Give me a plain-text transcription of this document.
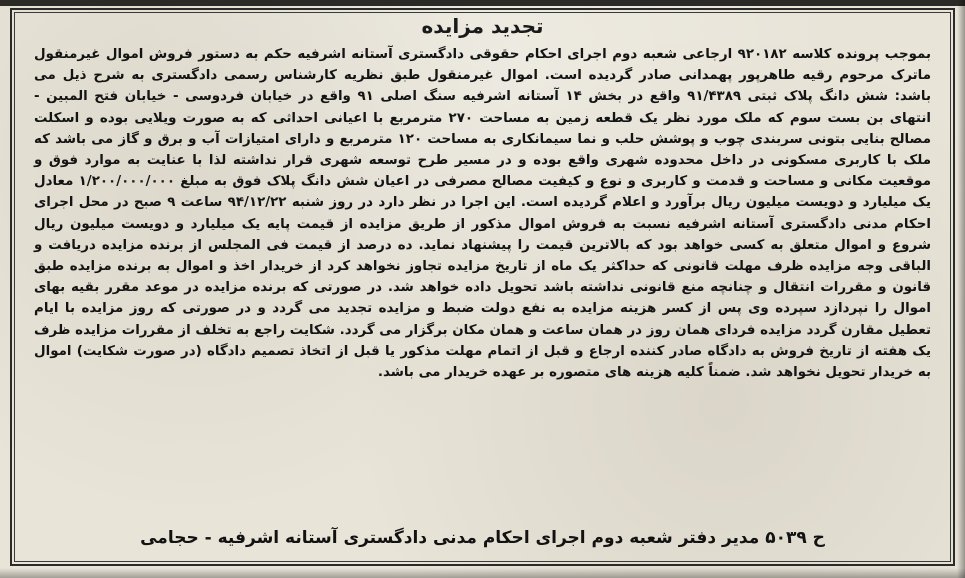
تجدید مزایده
بموجب پرونده کلاسه ۹۲۰۱۸۲ ارجاعی شعبه دوم اجرای احکام حقوقی دادگستری آستانه اشرفیه حکم به دستور فروش اموال غیرمنقول ماترک مرحوم رقیه طاهرپور پهمدانی صادر گردیده است. اموال غیرمنقول طبق نظریه کارشناس رسمی دادگستری به شرح ذیل می باشد: شش دانگ پلاک ثبتی ۹۱/۴۳۸۹ واقع در بخش ۱۴ آستانه اشرفیه سنگ اصلی ۹۱ واقع در خیابان فردوسی - خیابان فتح المبین - انتهای بن بست سوم که ملک مورد نظر یک قطعه زمین به مساحت ۲۷۰ مترمربع با اعیانی احداثی که به صورت ویلایی بوده و اسکلت مصالح بنایی بتونی سربندی چوب و پوشش حلب و نما سیمانکاری به مساحت ۱۲۰ مترمربع و دارای امتیازات آب و برق و گاز می باشد که ملک با کاربری مسکونی در داخل محدوده شهری واقع بوده و در مسیر طرح توسعه شهری قرار نداشته لذا با عنایت به موارد فوق و موقعیت مکانی و مساحت و قدمت و کاربری و نوع و کیفیت مصالح مصرفی در اعیان شش دانگ پلاک فوق به مبلغ ۱/۲۰۰/۰۰۰/۰۰۰ معادل یک میلیارد و دویست میلیون ریال برآورد و اعلام گردیده است. این اجرا در نظر دارد در روز شنبه ۹۴/۱۲/۲۲ ساعت ۹ صبح در محل اجرای احکام مدنی دادگستری آستانه اشرفیه نسبت به فروش اموال مذکور از طریق مزایده از قیمت پایه یک میلیارد و دویست میلیون ریال شروع و اموال متعلق به کسی خواهد بود که بالاترین قیمت را پیشنهاد نماید. ده درصد از قیمت فی المجلس از برنده مزایده دریافت و الباقی وجه مزایده ظرف مهلت قانونی که حداکثر یک ماه از تاریخ مزایده تجاوز نخواهد کرد از خریدار اخذ و اموال به برنده مزایده طبق قانون و مقررات انتقال و چنانچه منع قانونی نداشته باشد تحویل داده خواهد شد. در صورتی که برنده مزایده در موعد مقرر بقیه بهای اموال را نپردازد سپرده وی پس از کسر هزینه مزایده به نفع دولت ضبط و مزایده تجدید می گردد و در صورتی که روز مزایده با ایام تعطیل مقارن گردد مزایده فردای همان روز در همان ساعت و همان مکان برگزار می گردد. شکایت راجع به تخلف از مقررات مزایده ظرف یک هفته از تاریخ فروش به دادگاه صادر کننده ارجاع و قبل از اتمام مهلت مذکور یا قبل از اتخاذ تصمیم دادگاه (در صورت شکایت) اموال به خریدار تحویل نخواهد شد. ضمناً کلیه هزینه های متصوره بر عهده خریدار می باشد.
ح ۵۰۳۹ مدیر دفتر شعبه دوم اجرای احکام مدنی دادگستری آستانه اشرفیه - حجامی
